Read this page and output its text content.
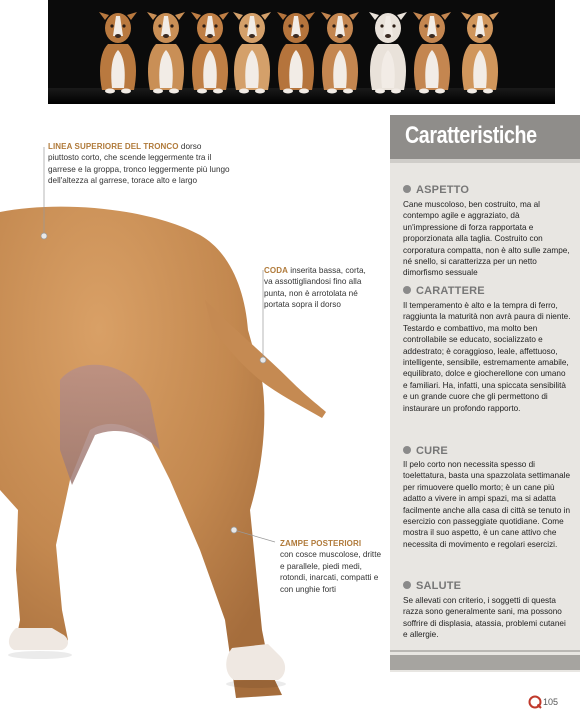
LINEA SUPERIORE DEL TRONCO dorso piuttosto corto, che scende leggermente tra il garrese e la groppa, tronco leggermente più lungo dell'altezza al garrese, torace alto e largo
CODA inserita bassa, corta, va assottigliandosi fino alla punta, non è arrotolata né portata sopra il dorso
ZAMPE POSTERIORI
con cosce muscolose, dritte e parallele, piedi medi, rotondi, inarcati, compatti e con unghie forti
Caratteristiche
ASPETTO
Cane muscoloso, ben costruito, ma al contempo agile e aggraziato, dà un'impressione di forza rapportata e proporzionata alla taglia. Costruito con corporatura compatta, non è alto sulle zampe, né snello, si caratterizza per un netto dimorfismo sessuale
CARATTERE
Il temperamento è alto e la tempra di ferro, raggiunta la maturità non avrà paura di niente. Testardo e combattivo, ma molto ben controllabile se educato, socializzato e addestrato; è coraggioso, leale, affettuoso, intelligente, sensibile, estremamente amabile, equilibrato, dolce e giocherellone con umano e familiari. Ha, infatti, una spiccata sensibilità e un grande cuore che gli permettono di instaurare un profondo rapporto.
CURE
Il pelo corto non necessita spesso di toelettatura, basta una spazzolata settimanale per rimuovere quello morto; è un cane più adatto a vivere in ampi spazi, ma si adatta facilmente anche alla casa di città se tenuto in esercizio con passeggiate quotidiane. Come mostra il suo aspetto, è un cane attivo che necessita di movimento e regolari esercizi.
SALUTE
Se allevati con criterio, i soggetti di questa razza sono generalmente sani, ma possono soffrire di displasia, atassia, problemi cutanei e allergie.
105
